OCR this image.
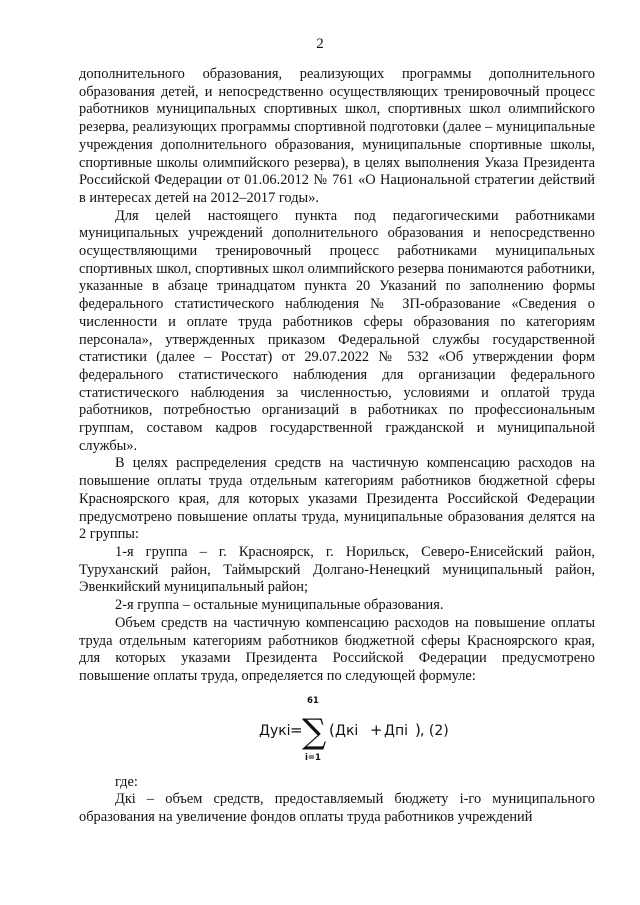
2

дополнительного образования, реализующих программы дополнительного образования детей, и непосредственно осуществляющих тренировочный процесс работников муниципальных спортивных школ, спортивных школ олимпийского резерва, реализующих программы спортивной подготовки (далее – муниципальные учреждения дополнительного образования, муниципальные спортивные школы, спортивные школы олимпийского резерва), в целях выполнения Указа Президента Российской Федерации от 01.06.2012 № 761 «О Национальной стратегии действий в интересах детей на 2012–2017 годы».

Для целей настоящего пункта под педагогическими работниками муниципальных учреждений дополнительного образования и непосредственно осуществляющими тренировочный процесс работниками муниципальных спортивных школ, спортивных школ олимпийского резерва понимаются работники, указанные в абзаце тринадцатом пункта 20 Указаний по заполнению формы федерального статистического наблюдения № ЗП-образование «Сведения о численности и оплате труда работников сферы образования по категориям персонала», утвержденных приказом Федеральной службы государственной статистики (далее – Росстат) от 29.07.2022 № 532 «Об утверждении форм федерального статистического наблюдения для организации федерального статистического наблюдения за численностью, условиями и оплатой труда работников, потребностью организаций в работниках по профессиональным группам, составом кадров государственной гражданской и муниципальной службы».

В целях распределения средств на частичную компенсацию расходов на повышение оплаты труда отдельным категориям работников бюджетной сферы Красноярского края, для которых указами Президента Российской Федерации предусмотрено повышение оплаты труда, муниципальные образования делятся на 2 группы:

1-я группа – г. Красноярск, г. Норильск, Северо-Енисейский район, Туруханский район, Таймырский Долгано-Ненецкий муниципальный район, Эвенкийский муниципальный район;

2-я группа – остальные муниципальные образования.

Объем средств на частичную компенсацию расходов на повышение оплаты труда отдельным категориям работников бюджетной сферы Красноярского края, для которых указами Президента Российской Федерации предусмотрено повышение оплаты труда, определяется по следующей формуле:

Дукi =
61
∑
i=1
( Дкi + Дпi ) , (2)

где:

Дкі – объем средств, предоставляемый бюджету i-го муниципального образования на увеличение фондов оплаты труда работников учреждений
